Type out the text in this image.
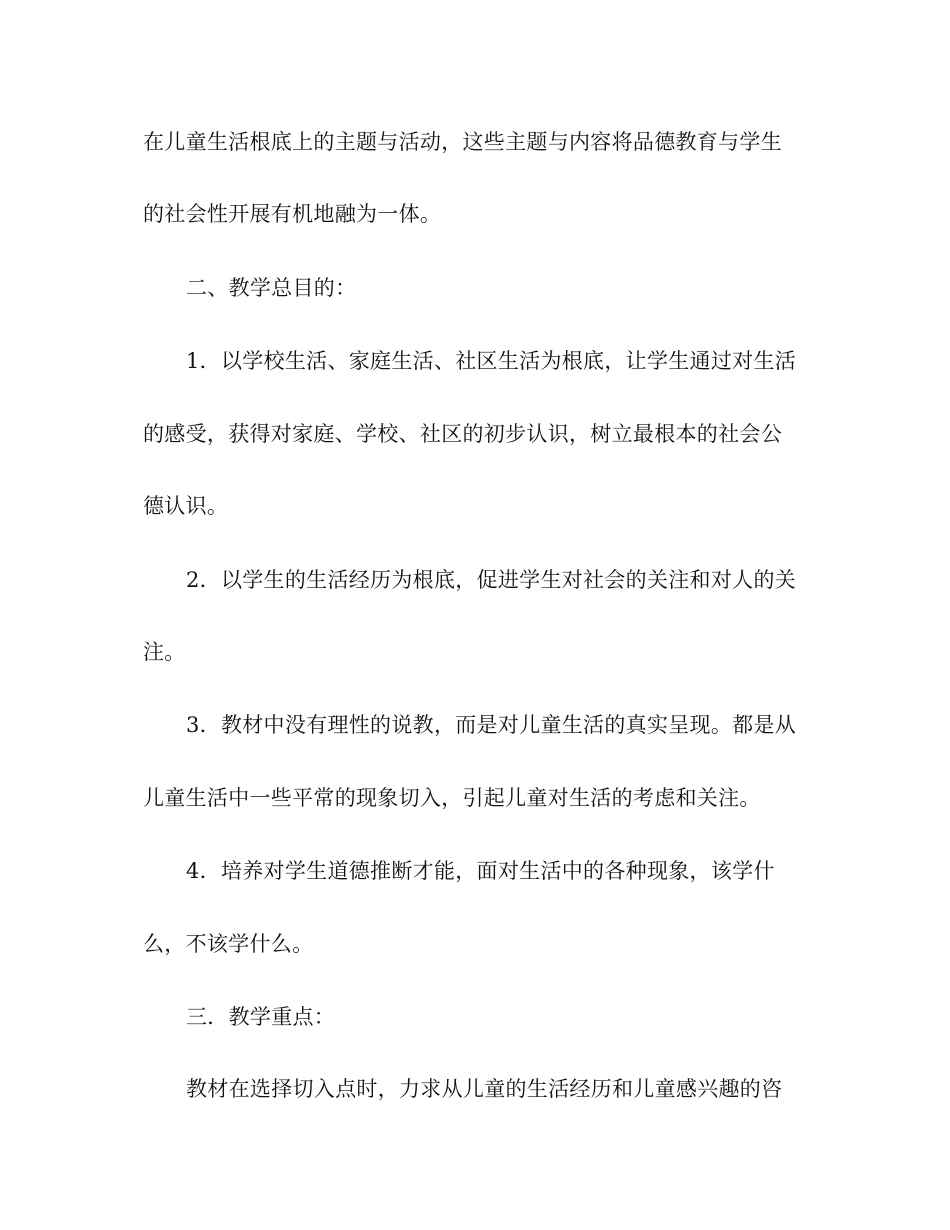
在儿童生活根底上的主题与活动，这些主题与内容将品德教育与学生
的社会性开展有机地融为一体。
二、教学总目的：
1．以学校生活、家庭生活、社区生活为根底，让学生通过对生活
的感受，获得对家庭、学校、社区的初步认识，树立最根本的社会公
德认识。
2．以学生的生活经历为根底，促进学生对社会的关注和对人的关
注。
3．教材中没有理性的说教，而是对儿童生活的真实呈现。都是从
儿童生活中一些平常的现象切入，引起儿童对生活的考虑和关注。
4．培养对学生道德推断才能，面对生活中的各种现象，该学什
么，不该学什么。
三．教学重点：
教材在选择切入点时，力求从儿童的生活经历和儿童感兴趣的咨
